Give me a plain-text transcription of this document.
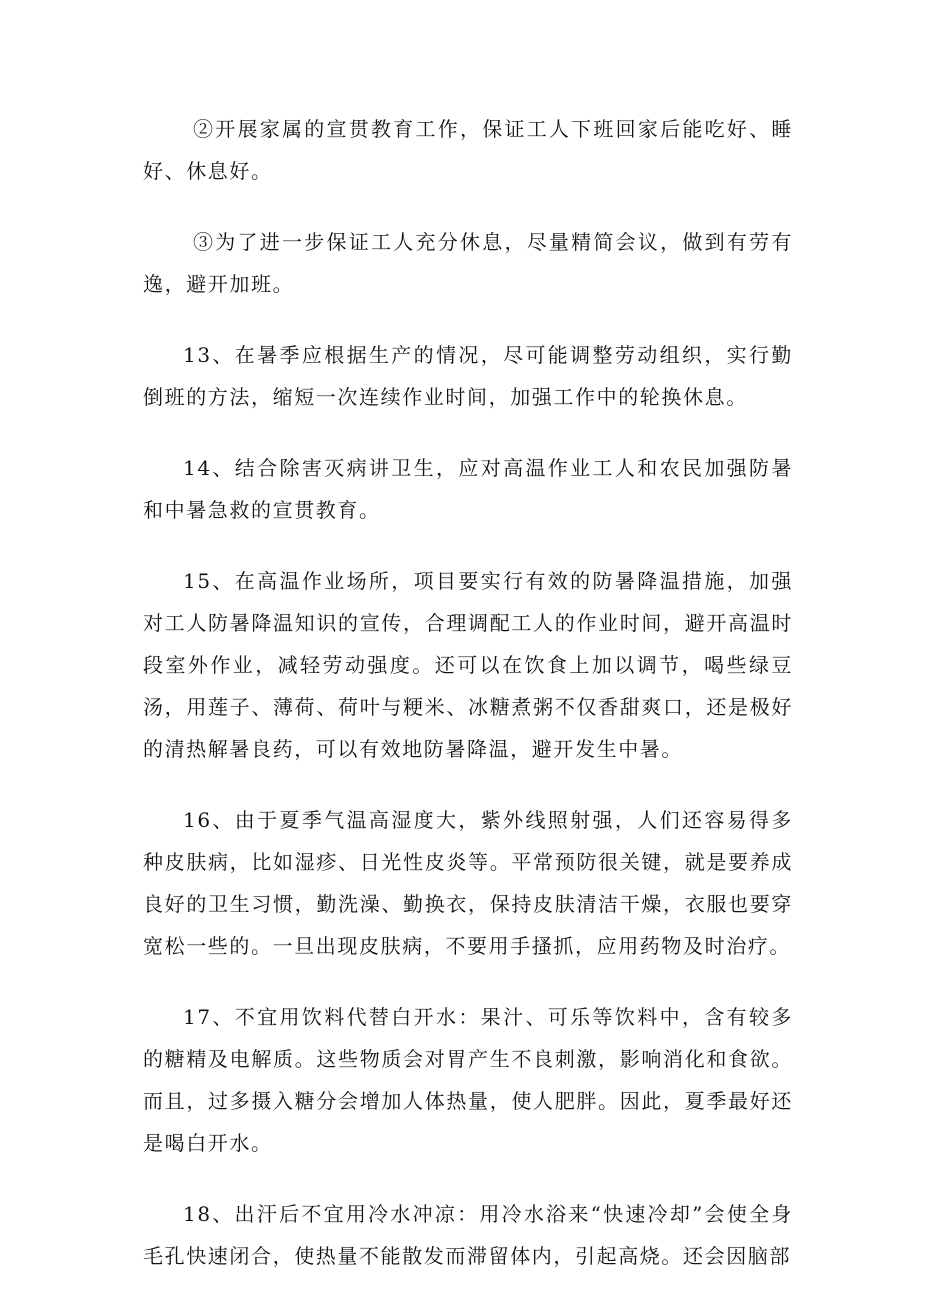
②开展家属的宣贯教育工作，保证工人下班回家后能吃好、睡好、休息好。

③为了进一步保证工人充分休息，尽量精简会议，做到有劳有逸，避开加班。

13、在暑季应根据生产的情况，尽可能调整劳动组织，实行勤倒班的方法，缩短一次连续作业时间，加强工作中的轮换休息。

14、结合除害灭病讲卫生，应对高温作业工人和农民加强防暑和中暑急救的宣贯教育。

15、在高温作业场所，项目要实行有效的防暑降温措施，加强对工人防暑降温知识的宣传，合理调配工人的作业时间，避开高温时段室外作业，减轻劳动强度。还可以在饮食上加以调节，喝些绿豆汤，用莲子、薄荷、荷叶与粳米、冰糖煮粥不仅香甜爽口，还是极好的清热解暑良药，可以有效地防暑降温，避开发生中暑。

16、由于夏季气温高湿度大，紫外线照射强，人们还容易得多种皮肤病，比如湿疹、日光性皮炎等。平常预防很关键，就是要养成良好的卫生习惯，勤洗澡、勤换衣，保持皮肤清洁干燥，衣服也要穿宽松一些的。一旦出现皮肤病，不要用手搔抓，应用药物及时治疗。

17、不宜用饮料代替白开水：果汁、可乐等饮料中，含有较多的糖精及电解质。这些物质会对胃产生不良刺激，影响消化和食欲。而且，过多摄入糖分会增加人体热量，使人肥胖。因此，夏季最好还是喝白开水。

18、出汗后不宜用冷水冲凉：用冷水浴来“快速冷却”会使全身毛孔快速闭合，使热量不能散发而滞留体内，引起高烧。还会因脑部
